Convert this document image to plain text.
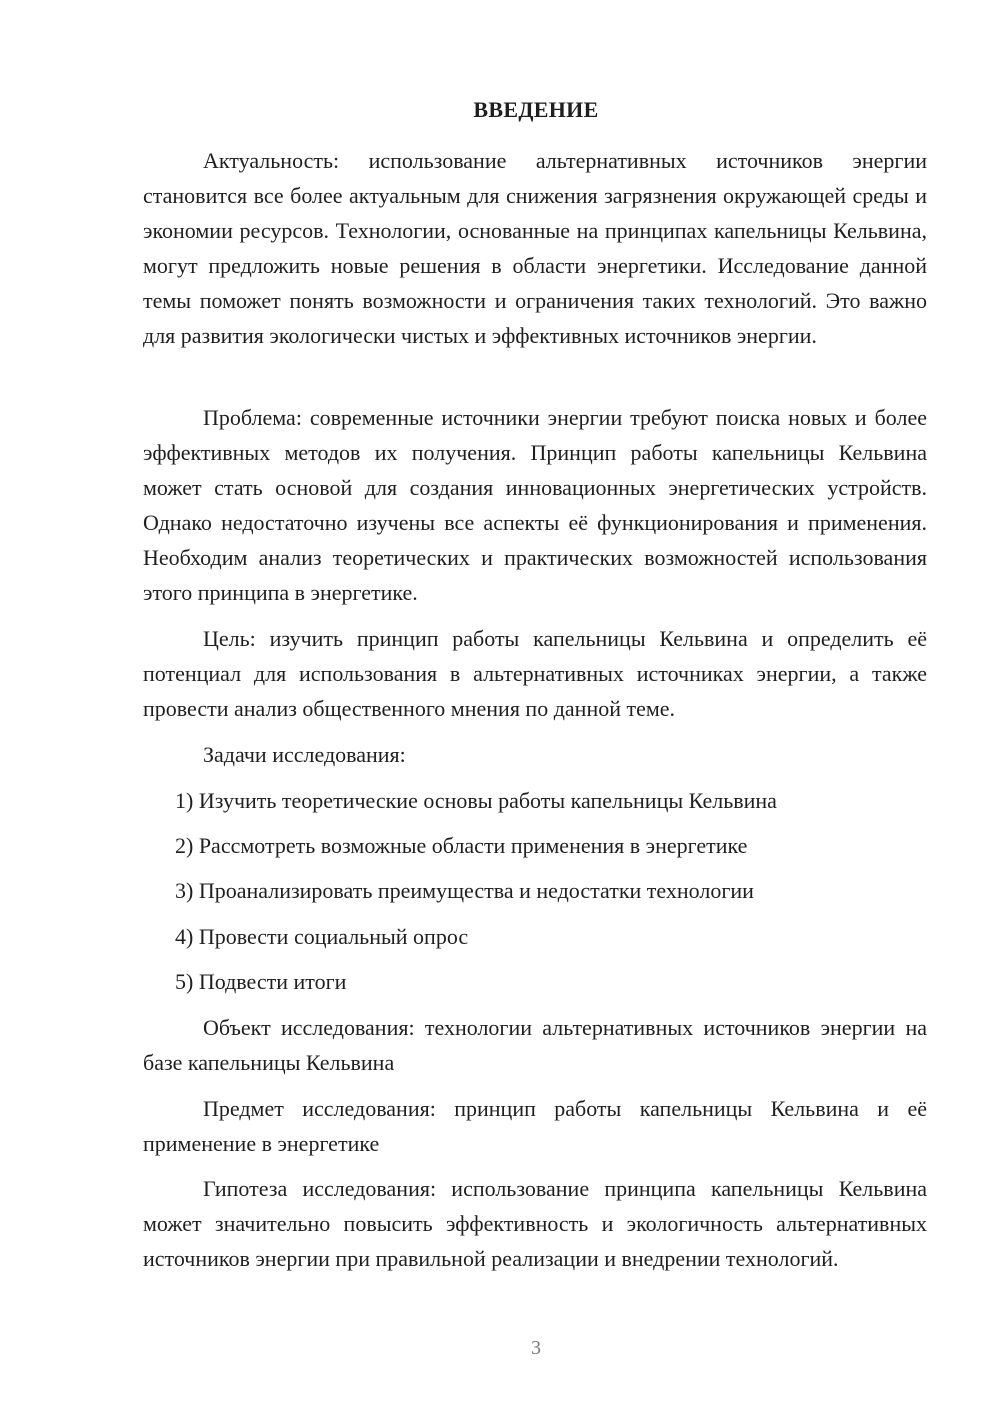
ВВЕДЕНИЕ

Актуальность: использование альтернативных источников энергии становится все более актуальным для снижения загрязнения окружающей среды и экономии ресурсов. Технологии, основанные на принципах капельницы Кельвина, могут предложить новые решения в области энергетики. Исследование данной темы поможет понять возможности и ограничения таких технологий. Это важно для развития экологически чистых и эффективных источников энергии.

Проблема: современные источники энергии требуют поиска новых и более эффективных методов их получения. Принцип работы капельницы Кельвина может стать основой для создания инновационных энергетических устройств. Однако недостаточно изучены все аспекты её функционирования и применения. Необходим анализ теоретических и практических возможностей использования этого принципа в энергетике.

Цель: изучить принцип работы капельницы Кельвина и определить её потенциал для использования в альтернативных источниках энергии, а также провести анализ общественного мнения по данной теме.

Задачи исследования:

1) Изучить теоретические основы работы капельницы Кельвина

2) Рассмотреть возможные области применения в энергетике

3) Проанализировать преимущества и недостатки технологии

4) Провести социальный опрос

5) Подвести итоги

Объект исследования: технологии альтернативных источников энергии на базе капельницы Кельвина

Предмет исследования: принцип работы капельницы Кельвина и её применение в энергетике

Гипотеза исследования: использование принципа капельницы Кельвина может значительно повысить эффективность и экологичность альтернативных источников энергии при правильной реализации и внедрении технологий.

3
